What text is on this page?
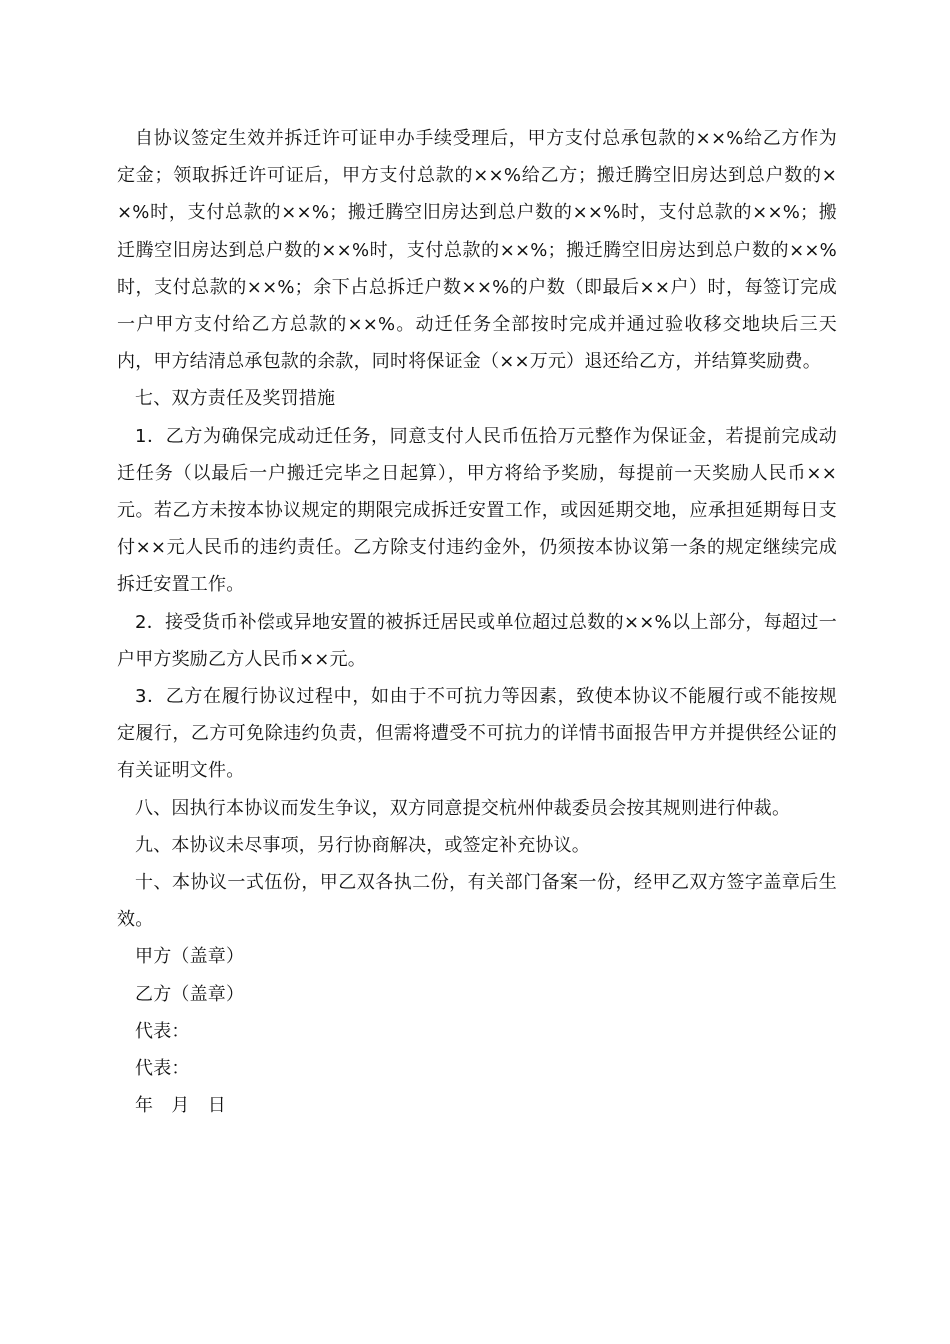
自协议签定生效并拆迁许可证申办手续受理后，甲方支付总承包款的××%给乙方作为定金；领取拆迁许可证后，甲方支付总款的××%给乙方；搬迁腾空旧房达到总户数的××%时，支付总款的××%；搬迁腾空旧房达到总户数的××%时，支付总款的××%；搬迁腾空旧房达到总户数的××%时，支付总款的××%；搬迁腾空旧房达到总户数的××%时，支付总款的××%；余下占总拆迁户数××%的户数（即最后××户）时，每签订完成一户甲方支付给乙方总款的××%。动迁任务全部按时完成并通过验收移交地块后三天内，甲方结清总承包款的余款，同时将保证金（××万元）退还给乙方，并结算奖励费。

七、双方责任及奖罚措施

1．乙方为确保完成动迁任务，同意支付人民币伍拾万元整作为保证金，若提前完成动迁任务（以最后一户搬迁完毕之日起算），甲方将给予奖励，每提前一天奖励人民币××元。若乙方未按本协议规定的期限完成拆迁安置工作，或因延期交地，应承担延期每日支付××元人民币的违约责任。乙方除支付违约金外，仍须按本协议第一条的规定继续完成拆迁安置工作。

2．接受货币补偿或异地安置的被拆迁居民或单位超过总数的××%以上部分，每超过一户甲方奖励乙方人民币××元。

3．乙方在履行协议过程中，如由于不可抗力等因素，致使本协议不能履行或不能按规定履行，乙方可免除违约负责，但需将遭受不可抗力的详情书面报告甲方并提供经公证的有关证明文件。

八、因执行本协议而发生争议，双方同意提交杭州仲裁委员会按其规则进行仲裁。

九、本协议未尽事项，另行协商解决，或签定补充协议。

十、本协议一式伍份，甲乙双各执二份，有关部门备案一份，经甲乙双方签字盖章后生效。

甲方（盖章）

乙方（盖章）

代表：

代表：

年　月　日
